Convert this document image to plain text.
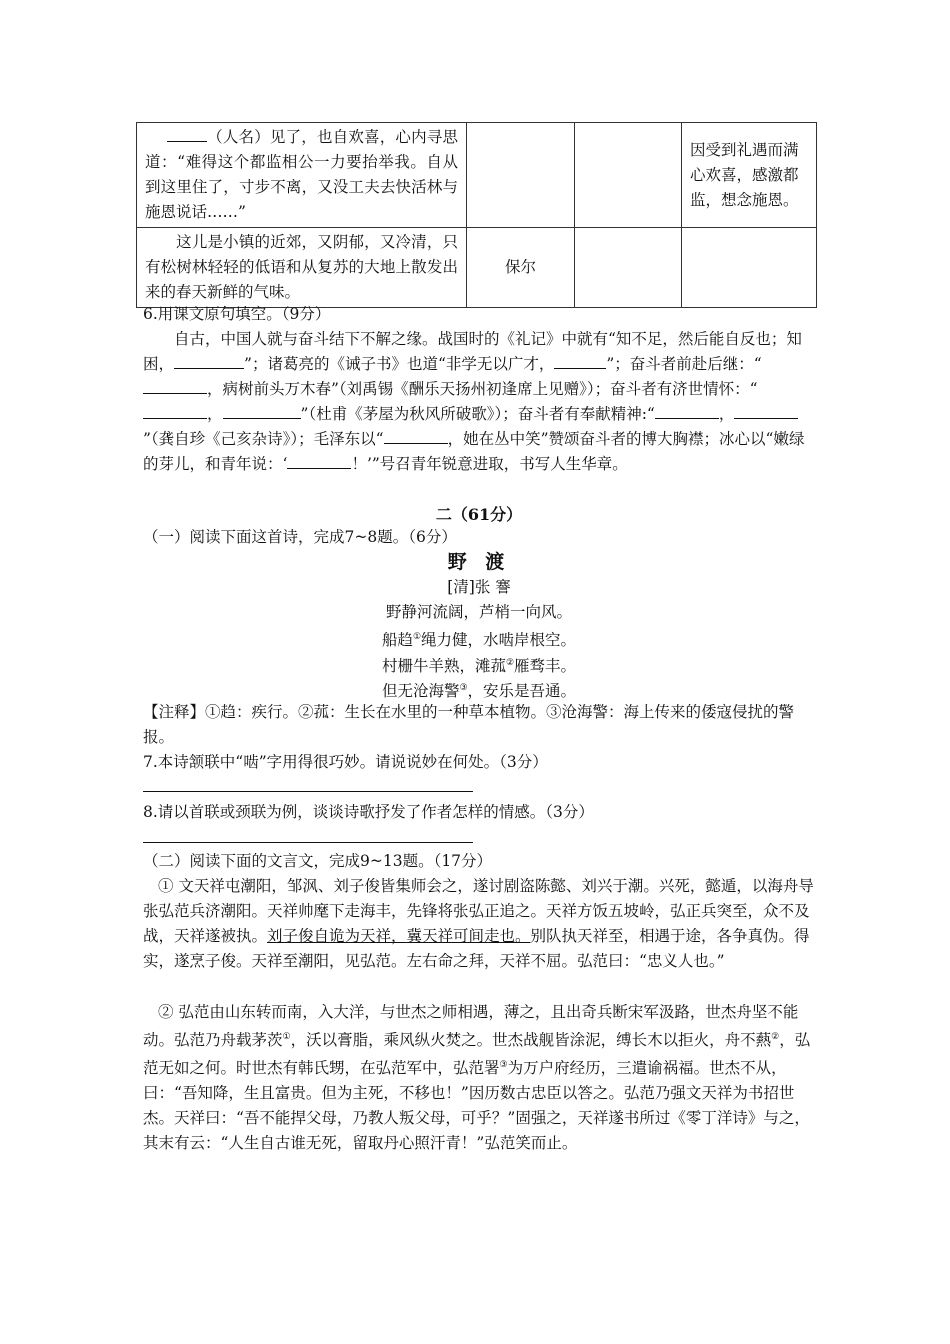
（人名）见了，也自欢喜，心内寻思道：“难得这个都监相公一力要抬举我。自从到这里住了，寸步不离，又没工夫去快活林与施恩说话……”			因受到礼遇而满心欢喜，感激都监，想念施恩。
这儿是小镇的近郊，又阴郁，又冷清，只有松树林轻轻的低语和从复苏的大地上散发出来的春天新鲜的气味。	保尔		
6.用课文原句填空。（9分）
自古，中国人就与奋斗结下不解之缘。战国时的《礼记》中就有“知不足，然后能自反也；知困，	”；诸葛亮的《诫子书》也道“非学无以广才，	”；奋斗者前赴后继：“，病树前头万木春”（刘禹锡《酬乐天扬州初逢席上见赠》）；奋斗者有济世情怀：“，	”（杜甫《茅屋为秋风所破歌》）；奋斗者有奉献精神:“	，”（龚自珍《己亥杂诗》）；毛泽东以“	，她在丛中笑”赞颂奋斗者的博大胸襟；冰心以“嫩绿的芽儿，和青年说：‘	！’”号召青年锐意进取，书写人生华章。
二（61分）
（一）阅读下面这首诗，完成7~8题。（6分）
野 渡
[清]张 謇
野静河流阔，芦梢一向风。
船趋①绳力健，水啮岸根空。
村栅牛羊熟，滩菰②雁骛丰。
但无沧海警③，安乐是吾通。
【注释】①趋：疾行。②菰：生长在水里的一种草本植物。③沧海警：海上传来的倭寇侵扰的警报。
7.本诗颔联中“啮”字用得很巧妙。请说说妙在何处。（3分）
8.请以首联或颈联为例，谈谈诗歌抒发了作者怎样的情感。（3分）
（二）阅读下面的文言文，完成9~13题。（17分）
① 文天祥屯潮阳，邹沨、刘子俊皆集师会之，遂讨剧盗陈懿、刘兴于潮。兴死，懿遁，以海舟导张弘范兵济潮阳。天祥帅麾下走海丰，先锋将张弘正追之。天祥方饭五坡岭，弘正兵突至，众不及战，天祥遂被执。刘子俊自诡为天祥，冀天祥可间走也。别队执天祥至，相遇于途，各争真伪。得实，遂烹子俊。天祥至潮阳，见弘范。左右命之拜，天祥不屈。弘范曰：“忠义人也。”
② 弘范由山东转而南，入大洋，与世杰之师相遇，薄之，且出奇兵断宋军汲路，世杰舟坚不能动。弘范乃舟载茅茨①，沃以膏脂，乘风纵火焚之。世杰战舰皆涂泥，缚长木以拒火，舟不爇②，弘范无如之何。时世杰有韩氏甥，在弘范军中，弘范署③为万户府经历，三遣谕祸福。世杰不从，曰：“吾知降，生且富贵。但为主死，不移也！”因历数古忠臣以答之。弘范乃强文天祥为书招世杰。天祥曰：“吾不能捍父母，乃教人叛父母，可乎？”固强之，天祥遂书所过《零丁洋诗》与之，其末有云：“人生自古谁无死，留取丹心照汗青！”弘范笑而止。
